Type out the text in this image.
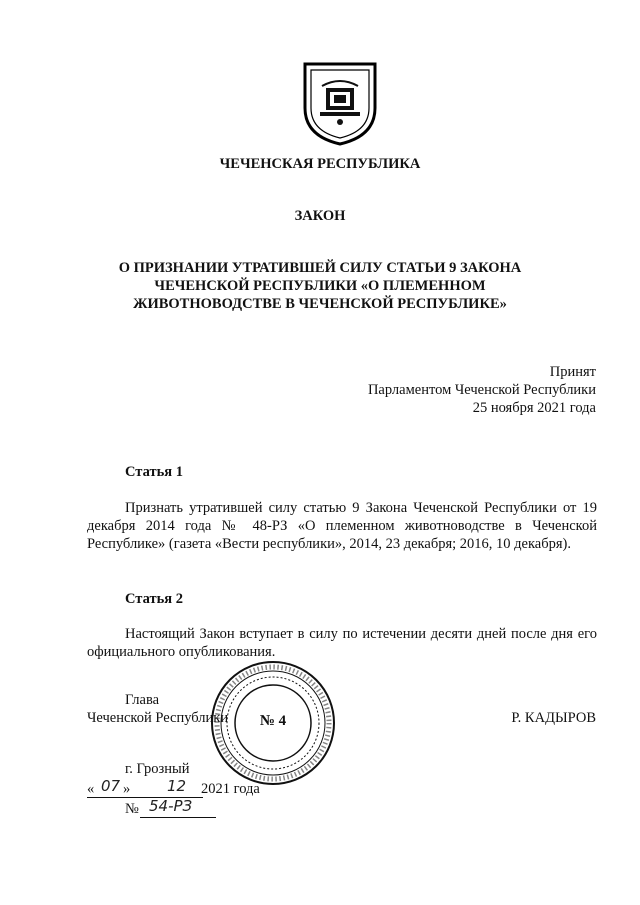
ЧЕЧЕНСКАЯ РЕСПУБЛИКА
ЗАКОН
О ПРИЗНАНИИ УТРАТИВШЕЙ СИЛУ СТАТЬИ 9 ЗАКОНА
ЧЕЧЕНСКОЙ РЕСПУБЛИКИ «О ПЛЕМЕННОМ
ЖИВОТНОВОДСТВЕ В ЧЕЧЕНСКОЙ РЕСПУБЛИКЕ»
Принят
Парламентом Чеченской Республики
25 ноября 2021 года
Статья 1
Признать утратившей силу статью 9 Закона Чеченской Республики от 19 декабря 2014 года № 48-РЗ «О племенном животноводстве в Чеченской Республике» (газета «Вести республики», 2014, 23 декабря; 2016, 10 декабря).
Статья 2
Настоящий Закон вступает в силу по истечении десяти дней после дня его официального опубликования.
Глава
Чеченской Республики	Р. КАДЫРОВ
№ 4
г. Грозный
« 07 » 12 2021 года
№ 54-РЗ
